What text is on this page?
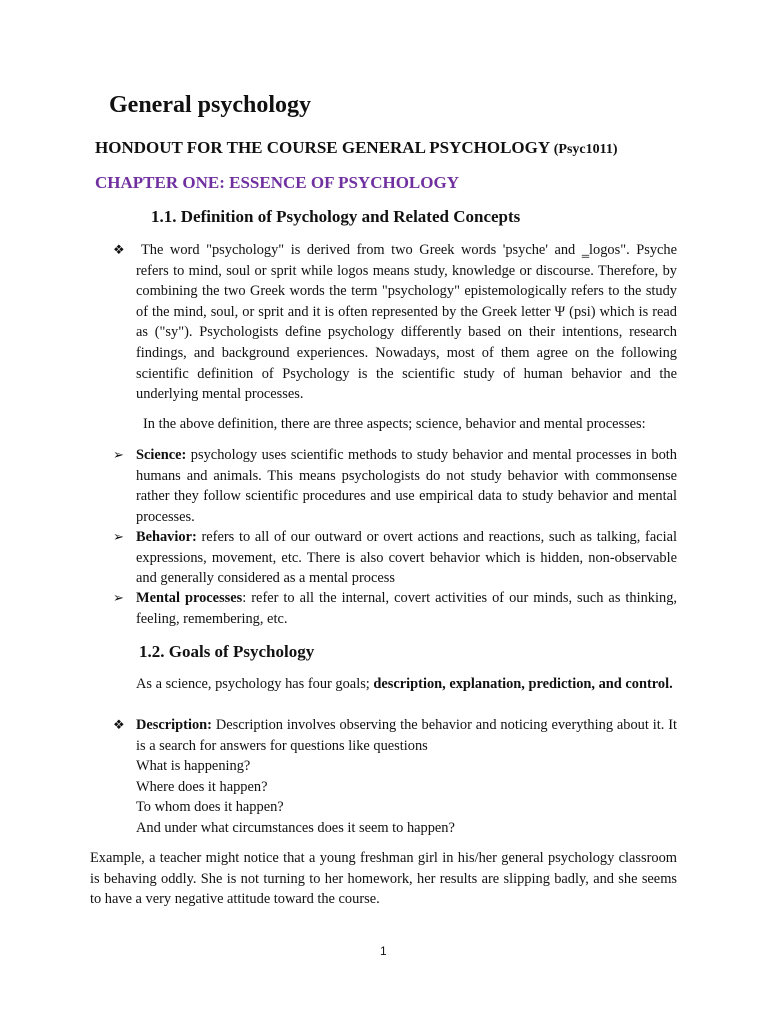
General psychology
HONDOUT FOR THE COURSE GENERAL PSYCHOLOGY (Psyc1011)
CHAPTER ONE: ESSENCE OF PSYCHOLOGY
1.1. Definition of Psychology and Related Concepts
❖	The word "psychology" is derived from two Greek words 'psyche' and ‗logos". Psyche refers to mind, soul or sprit while logos means study, knowledge or discourse. Therefore, by combining the two Greek words the term "psychology" epistemologically refers to the study of the mind, soul, or sprit and it is often represented by the Greek letter Ψ (psi) which is read as ("sy"). Psychologists define psychology differently based on their intentions, research findings, and background experiences. Nowadays, most of them agree on the following scientific definition of Psychology is the scientific study of human behavior and the underlying mental processes.
In the above definition, there are three aspects; science, behavior and mental processes:
➢ Science: psychology uses scientific methods to study behavior and mental processes in both humans and animals. This means psychologists do not study behavior with commonsense rather they follow scientific procedures and use empirical data to study behavior and mental processes.
➢ Behavior: refers to all of our outward or overt actions and reactions, such as talking, facial expressions, movement, etc. There is also covert behavior which is hidden, non-observable and generally considered as a mental process
➢ Mental processes: refer to all the internal, covert activities of our minds, such as thinking, feeling, remembering, etc.
1.2. Goals of Psychology
As a science, psychology has four goals; description, explanation, prediction, and control.
❖ Description: Description involves observing the behavior and noticing everything about it. It is a search for answers for questions like questions
What is happening?
Where does it happen?
To whom does it happen?
And under what circumstances does it seem to happen?
Example, a teacher might notice that a young freshman girl in his/her general psychology classroom is behaving oddly. She is not turning to her homework, her results are slipping badly, and she seems to have a very negative attitude toward the course.
1
